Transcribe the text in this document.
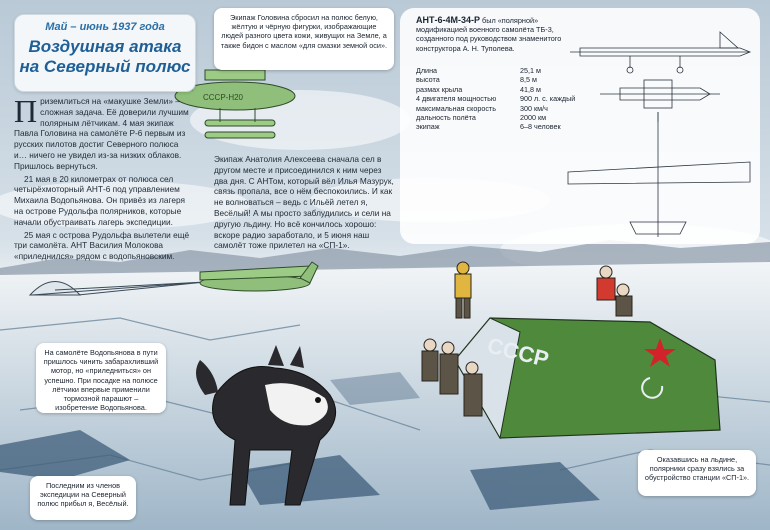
СССР-Н20
СССР
Май – июнь 1937 года
Воздушная атака
на Северный полюс

Приземлиться на «макушке Земли» – сложная задача. Её доверили лучшим полярным лётчикам. 4 мая экипаж Павла Головина на самолёте Р-6 первым из русских пилотов достиг Северного полюса и… ничего не увидел из-за низких облаков. Пришлось вернуться.

21 мая в 20 километрах от полюса сел четырёхмоторный АНТ-6 под управлением Михаила Водопьянова. Он привёз из лагеря на острове Рудольфа полярников, которые начали обустраивать лагерь экспедиции.

25 мая с острова Рудольфа вылетели ещё три самолёта. АНТ Василия Молокова «приледнился» рядом с водопьяновским.

Экипаж Анатолия Алексеева сначала сел в другом месте и присоединился к ним через два дня. С АНТом, который вёл Илья Мазурук, связь пропала, все о нём беспокоились. И как не волноваться – ведь с Ильёй летел я, Весёлый! А мы просто заблудились и сели на другую льдину. Но всё кончилось хорошо: вскоре радио заработало, и 5 июня наш самолёт тоже прилетел на «СП-1».

Экипаж Головина сбросил на полюс белую, жёлтую и чёрную фигурки, изображающие людей разного цвета кожи, живущих на Земле, а также бидон с маслом «для смазки земной оси».
На самолёте Водопьянова в пути пришлось чинить забарахливший мотор, но «приледниться» он успешно. При посадке на полюсе лётчики впервые применили тормозной парашют – изобретение Водопьянова.
Последним из членов экспедиции на Северный полюс прибыл я, Весёлый.
Оказавшись на льдине, полярники сразу взялись за обустройство станции «СП-1».
АНТ-6-4М-34-Р был «полярной» модификацией военного самолёта ТБ-3, созданного под руководством знаменитого конструктора А. Н. Туполева.
Длина	25,1 м
высота	8,5 м
размах крыла	41,8 м
4 двигателя мощностью	900 л. с. каждый
максимальная скорость	300 км/ч
дальность полёта	2000 км
экипаж	6–8 человек
